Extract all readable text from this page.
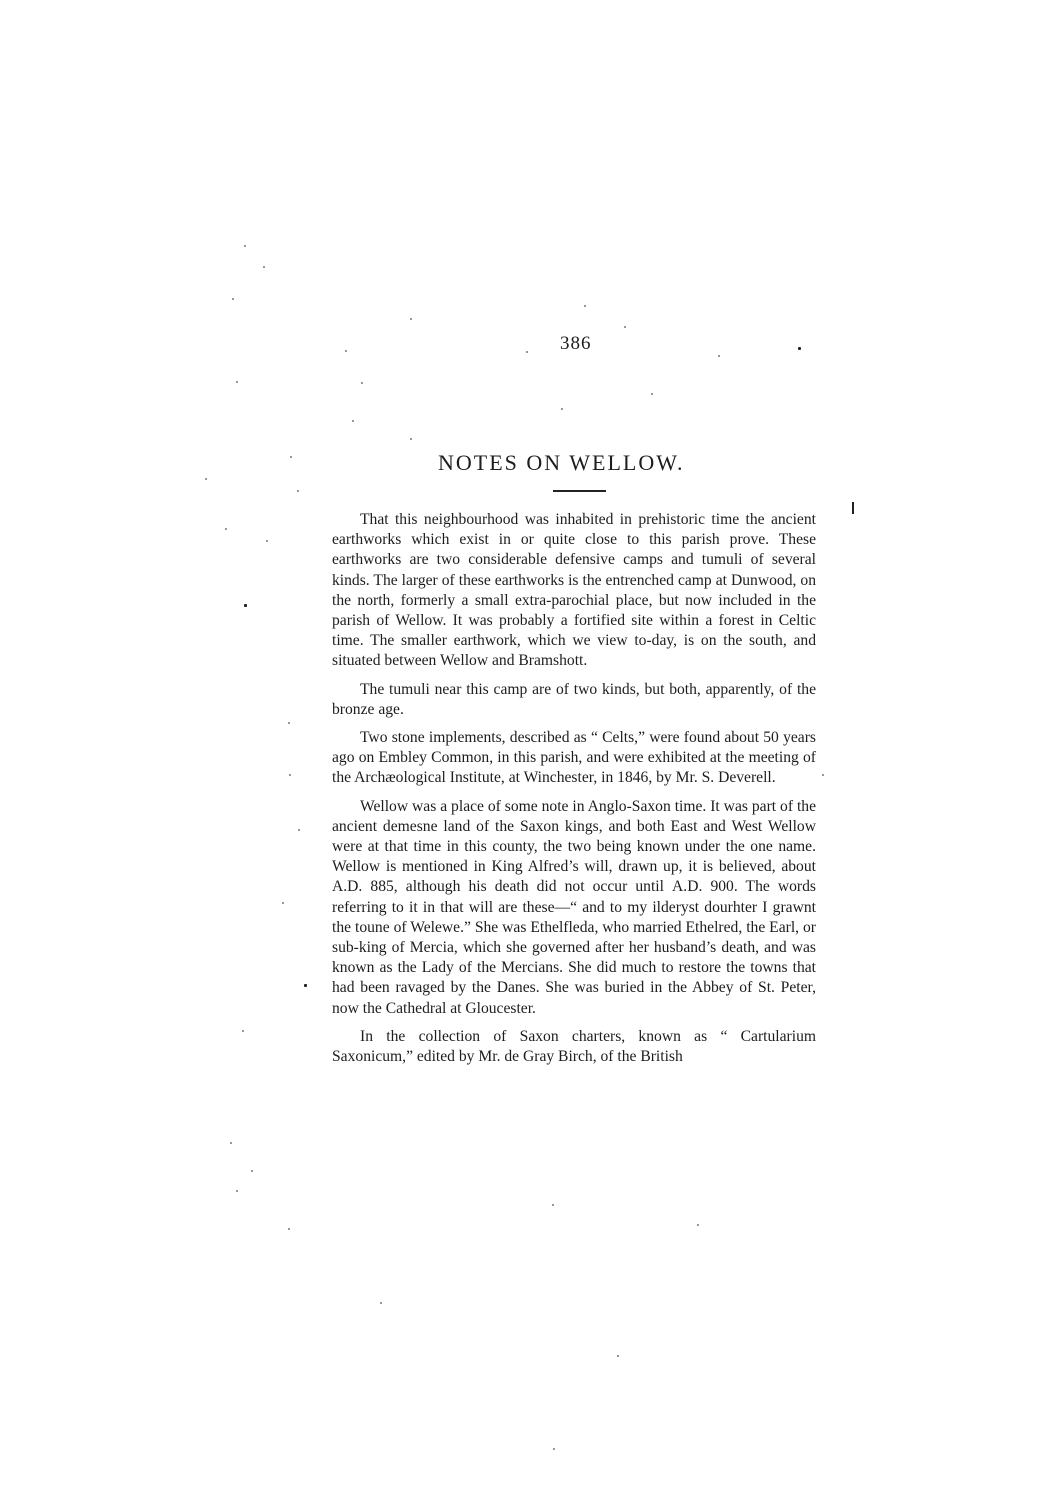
386
NOTES ON WELLOW.

That this neighbourhood was inhabited in prehistoric time the ancient earthworks which exist in or quite close to this parish prove. These earthworks are two considerable defensive camps and tumuli of several kinds. The larger of these earthworks is the entrenched camp at Dunwood, on the north, formerly a small extra-parochial place, but now included in the parish of Wellow. It was probably a fortified site within a forest in Celtic time. The smaller earthwork, which we view to-day, is on the south, and situated between Wellow and Bramshott.

The tumuli near this camp are of two kinds, but both, apparently, of the bronze age.

Two stone implements, described as “ Celts,” were found about 50 years ago on Embley Common, in this parish, and were exhibited at the meeting of the Archæological Institute, at Winchester, in 1846, by Mr. S. Deverell.

Wellow was a place of some note in Anglo-Saxon time. It was part of the ancient demesne land of the Saxon kings, and both East and West Wellow were at that time in this county, the two being known under the one name. Wellow is mentioned in King Alfred’s will, drawn up, it is believed, about A.D. 885, although his death did not occur until A.D. 900. The words referring to it in that will are these—“ and to my ilderyst dourhter I grawnt the toune of Welewe.” She was Ethelfleda, who married Ethelred, the Earl, or sub-king of Mercia, which she governed after her husband’s death, and was known as the Lady of the Mercians. She did much to restore the towns that had been ravaged by the Danes. She was buried in the Abbey of St. Peter, now the Cathedral at Gloucester.

In the collection of Saxon charters, known as “ Cartularium Saxonicum,” edited by Mr. de Gray Birch, of the British
